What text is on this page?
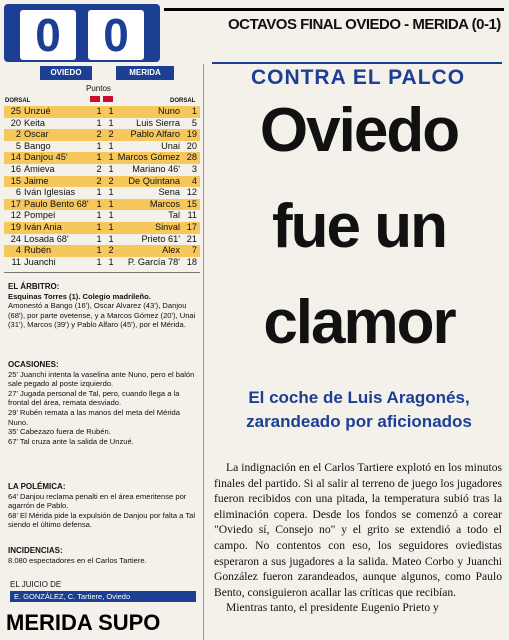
0 0	OCTAVOS FINAL OVIEDO - MERIDA (0-1)
OVIEDO	MERIDA
Puntos
DORSAL	DORSAL
25 Unzué	1 1	Nuno	1
20 Keita	1 1 Luis Sierra	5
2 Oscar	2 2 Pablo Alfaro 19
5 Bango	1 1	Unai 20
14 Danjou 45'	1 1 Marcos Gómez 28
16 Amieva	2 1 Mariano 46'	3
15 Jaime	2 2 De Quintana	4
6 Iván Iglesias 1 1	Sena 12
17 Paulo Bento 68' 1 1	Marcos 15
12 Pompei	1 1	Tal 11
19 Iván Ania	1 1	Sinval 17
24 Losada 68'	1 1	Prieto 61' 21
4 Rubén	1 2	Alex	7
11 Juanchi	1 1 P. García 78' 18
EL ÁRBITRO:

Esquinas Torres (1). Colegio madrileño.

Amonestó a Bango (16'), Oscar Alvarez (43'), Danjou (68'), por parte ovetense, y a Marcos Gómez (20'), Unai (31'), Marcos (39') y Pablo Alfaro (45'), por el Mérida.

OCASIONES:

25' Juanchi intenta la vaselina ante Nuno, pero el balón sale pegado al poste izquierdo.

27' Jugada personal de Tal, pero, cuando llega a la frontal del área, remata desviado.

29' Rubén remata a las manos del meta del Mérida Nuno.

35' Cabezazo fuera de Rubén.

67' Tal cruza ante la salida de Unzué.

LA POLÉMICA:

64' Danjou reclama penalti en el área emeritense por agarrón de Pablo.

68' El Mérida pide la expulsión de Danjou por falta a Tal siendo el último defensa.

INCIDENCIAS:

8.080 espectadores en el Carlos Tartiere.

EL JUICIO DE
E. GONZÁLEZ, C. Tartiere, Oviedo
MERIDA SUPO
CONTRA EL PALCO
Oviedo
fue un
clamor
El coche de Luis Aragonés, zarandeado por aficionados

La indignación en el Carlos Tartiere explotó en los minutos finales del partido. Si al salir al terreno de juego los jugadores fueron recibidos con una pitada, la temperatura subió tras la eliminación copera. Desde los fondos se comenzó a corear "Oviedo sí, Consejo no" y el grito se extendió a todo el campo. No contentos con eso, los seguidores oviedistas esperaron a sus jugadores a la salida. Mateo Corbo y Juanchi González fueron zarandeados, aunque algunos, como Paulo Bento, consiguieron acallar las críticas que recibían.

Mientras tanto, el presidente Eugenio Prieto y
